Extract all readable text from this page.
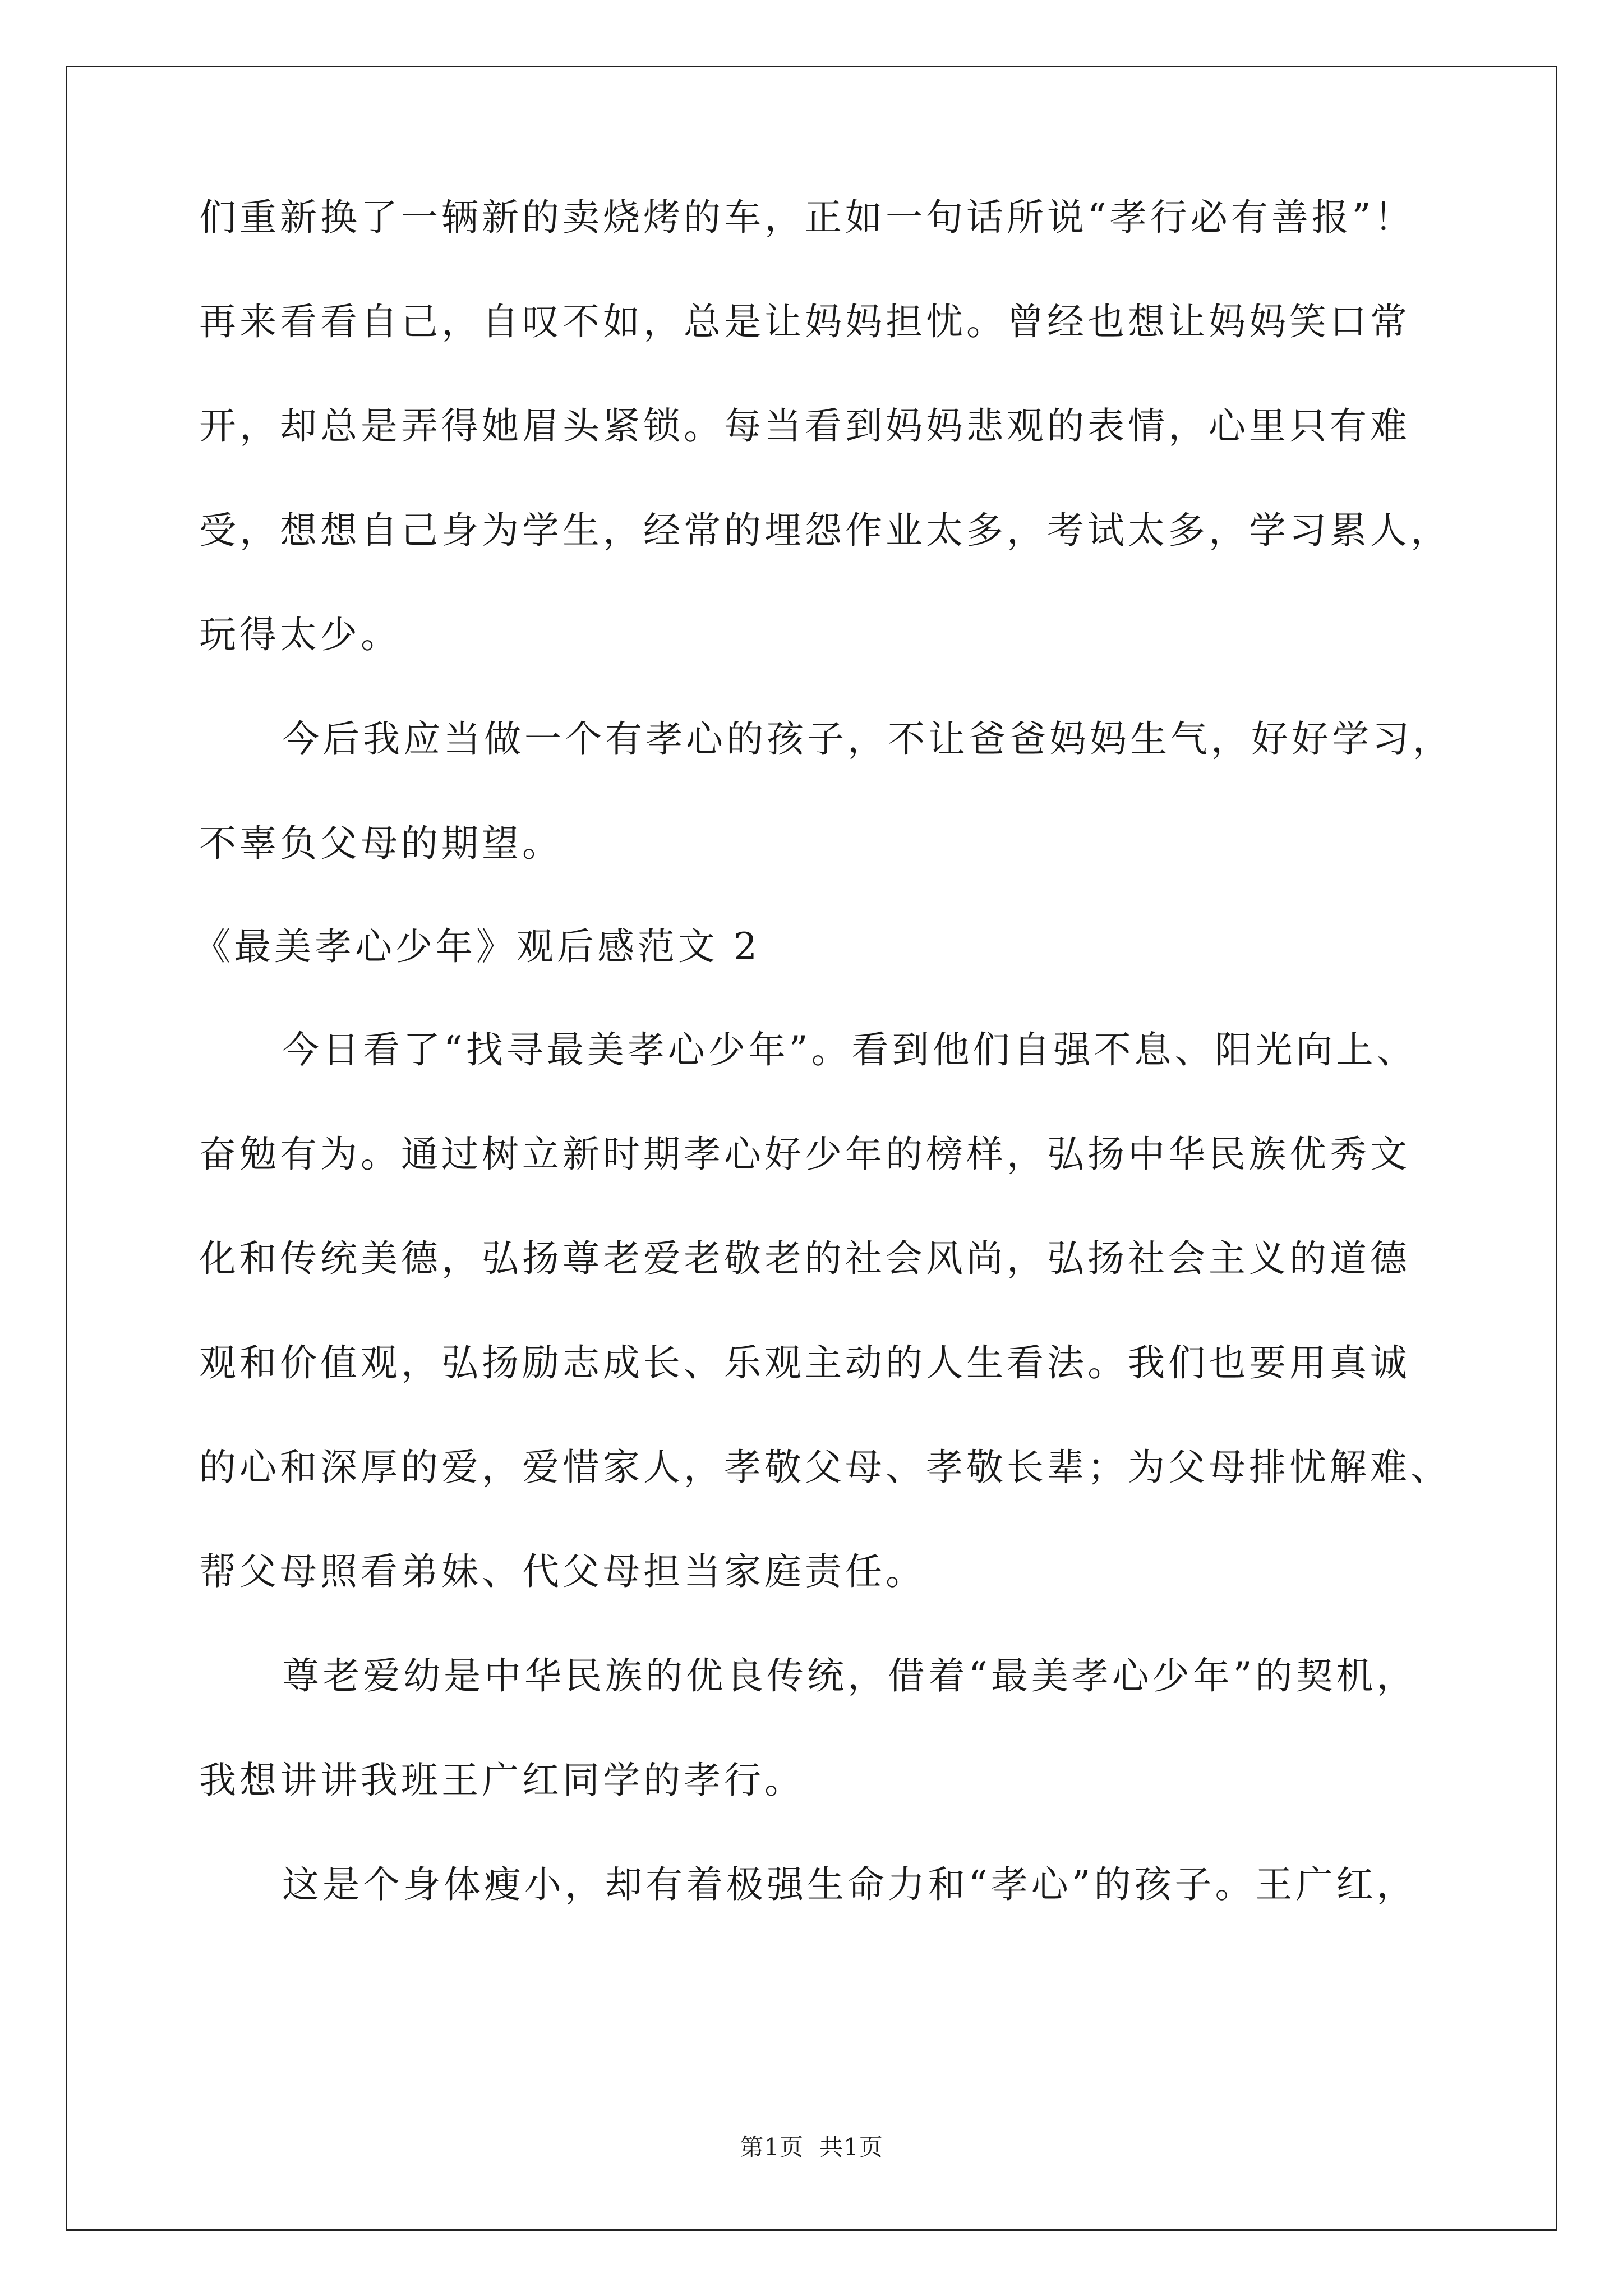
们重新换了一辆新的卖烧烤的车，正如一句话所说“孝行必有善报”！
再来看看自己，自叹不如，总是让妈妈担忧。曾经也想让妈妈笑口常
开，却总是弄得她眉头紧锁。每当看到妈妈悲观的表情，心里只有难
受，想想自己身为学生，经常的埋怨作业太多，考试太多，学习累人，
玩得太少。
今后我应当做一个有孝心的孩子，不让爸爸妈妈生气，好好学习，
不辜负父母的期望。
《最美孝心少年》观后感范文 2
今日看了“找寻最美孝心少年”。看到他们自强不息、阳光向上、
奋勉有为。通过树立新时期孝心好少年的榜样，弘扬中华民族优秀文
化和传统美德，弘扬尊老爱老敬老的社会风尚，弘扬社会主义的道德
观和价值观，弘扬励志成长、乐观主动的人生看法。我们也要用真诚
的心和深厚的爱，爱惜家人，孝敬父母、孝敬长辈；为父母排忧解难、
帮父母照看弟妹、代父母担当家庭责任。
尊老爱幼是中华民族的优良传统，借着“最美孝心少年”的契机，
我想讲讲我班王广红同学的孝行。
这是个身体瘦小，却有着极强生命力和“孝心”的孩子。王广红，
第1页 共1页
